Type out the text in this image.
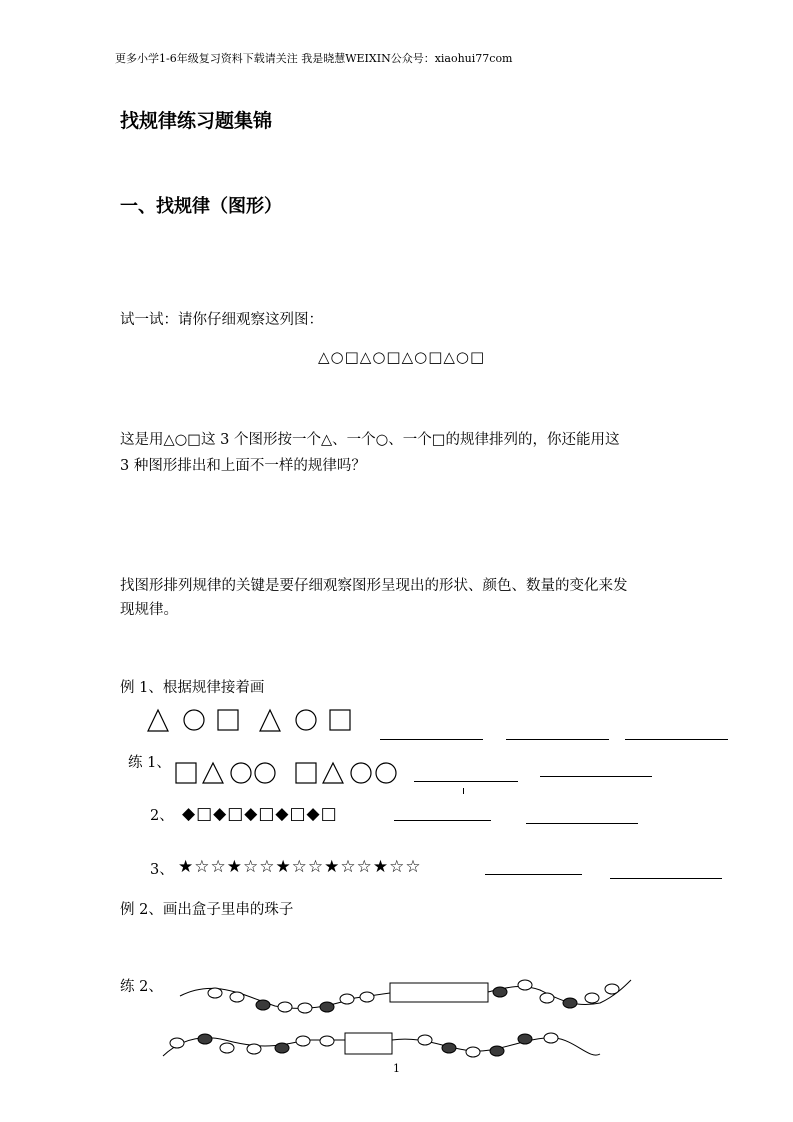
更多小学1-6年级复习资料下载请关注 我是晓慧WEIXIN公众号：xiaohui77com
找规律练习题集锦
一、找规律（图形）
试一试：请你仔细观察这列图：
△○□△○□△○□△○□
这是用△○□这 3 个图形按一个△、一个○、一个□的规律排列的，你还能用这
3 种图形排出和上面不一样的规律吗？
找图形排列规律的关键是要仔细观察图形呈现出的形状、颜色、数量的变化来发
现规律。
例 1、根据规律接着画
练 1、
2、 ◆□◆□◆□◆□◆□
3、 ★☆☆★☆☆★☆☆★☆☆★☆☆
例 2、画出盒子里串的珠子
练 2、
1
